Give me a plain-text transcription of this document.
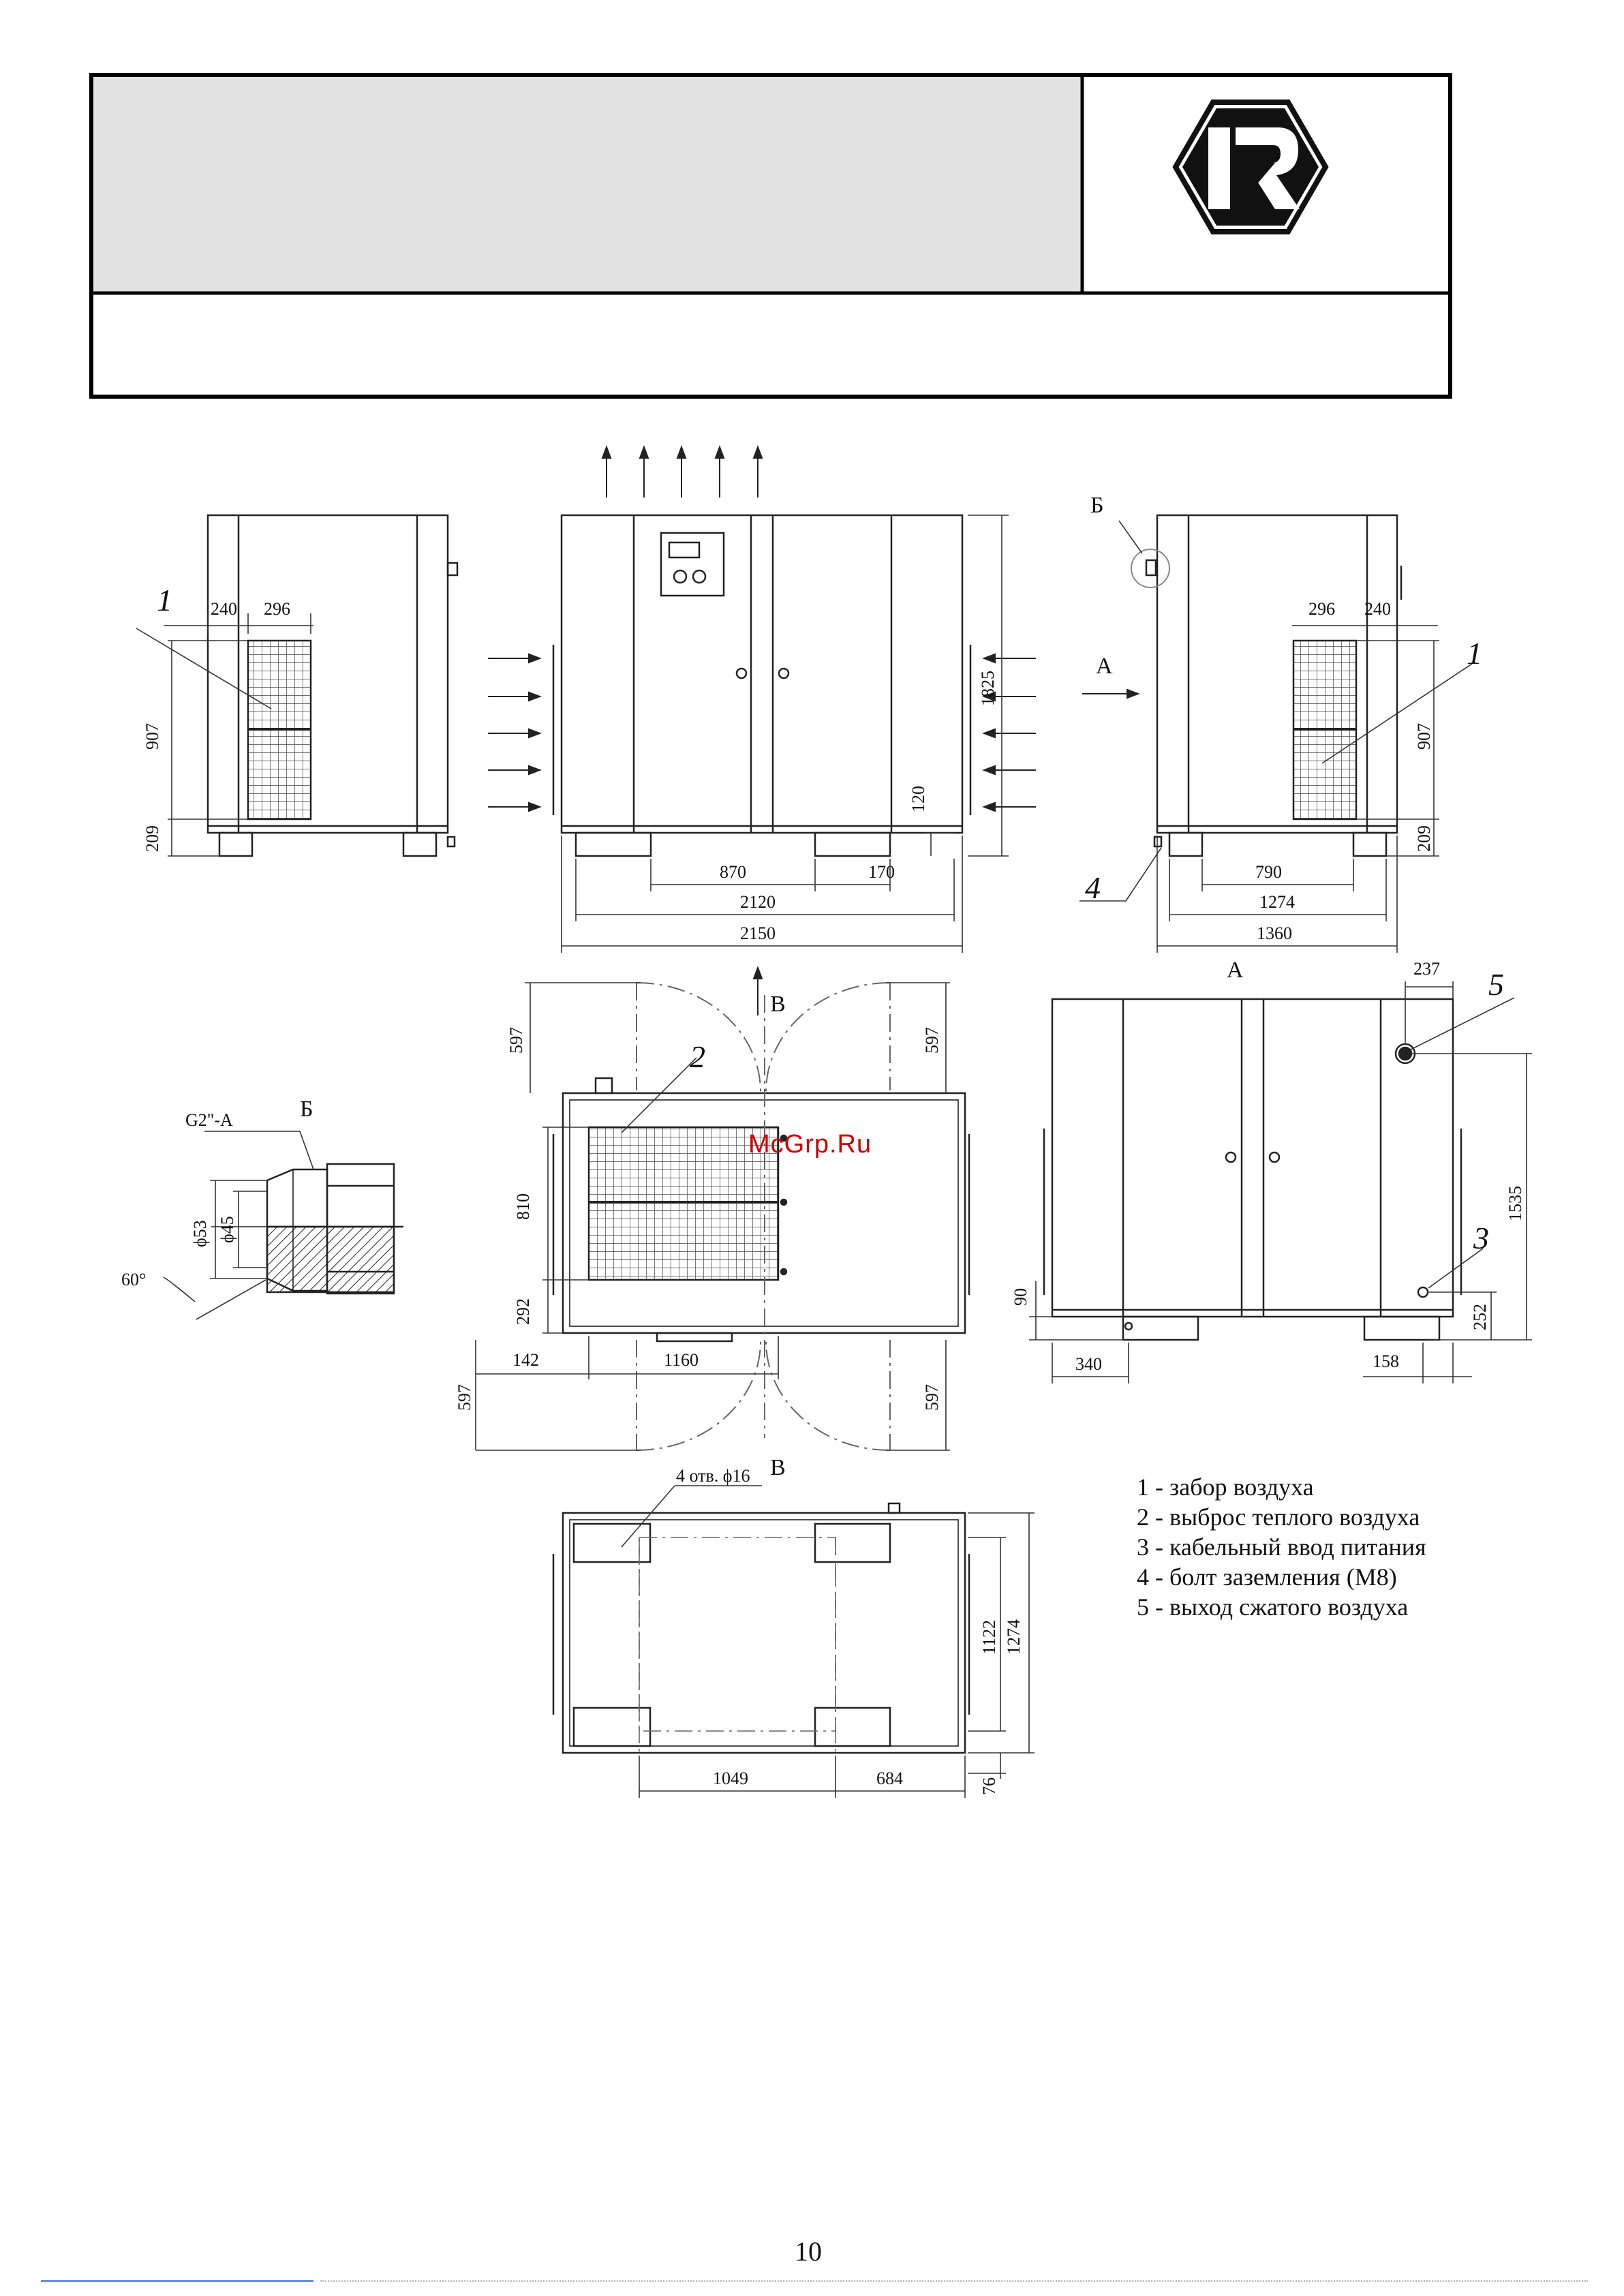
240 296
907
209
1
1825
120
870	170
2120
2150
А
296 240
907
209
790
1274
1360
1
4
Б
597	597
810
292
142	1160
597	597
2
В
В
А	237
1535
252
90
340	158
5
3
Б
G2"-A
ϕ53 ϕ45
60°
4 отв. ϕ16
1122 1274
76
1049	684
McGrp.Ru
1 - забор воздуха
2 - выброс теплого воздуха
3 - кабельный ввод питания
4 - болт заземления (М8)
5 - выход сжатого воздуха
10
